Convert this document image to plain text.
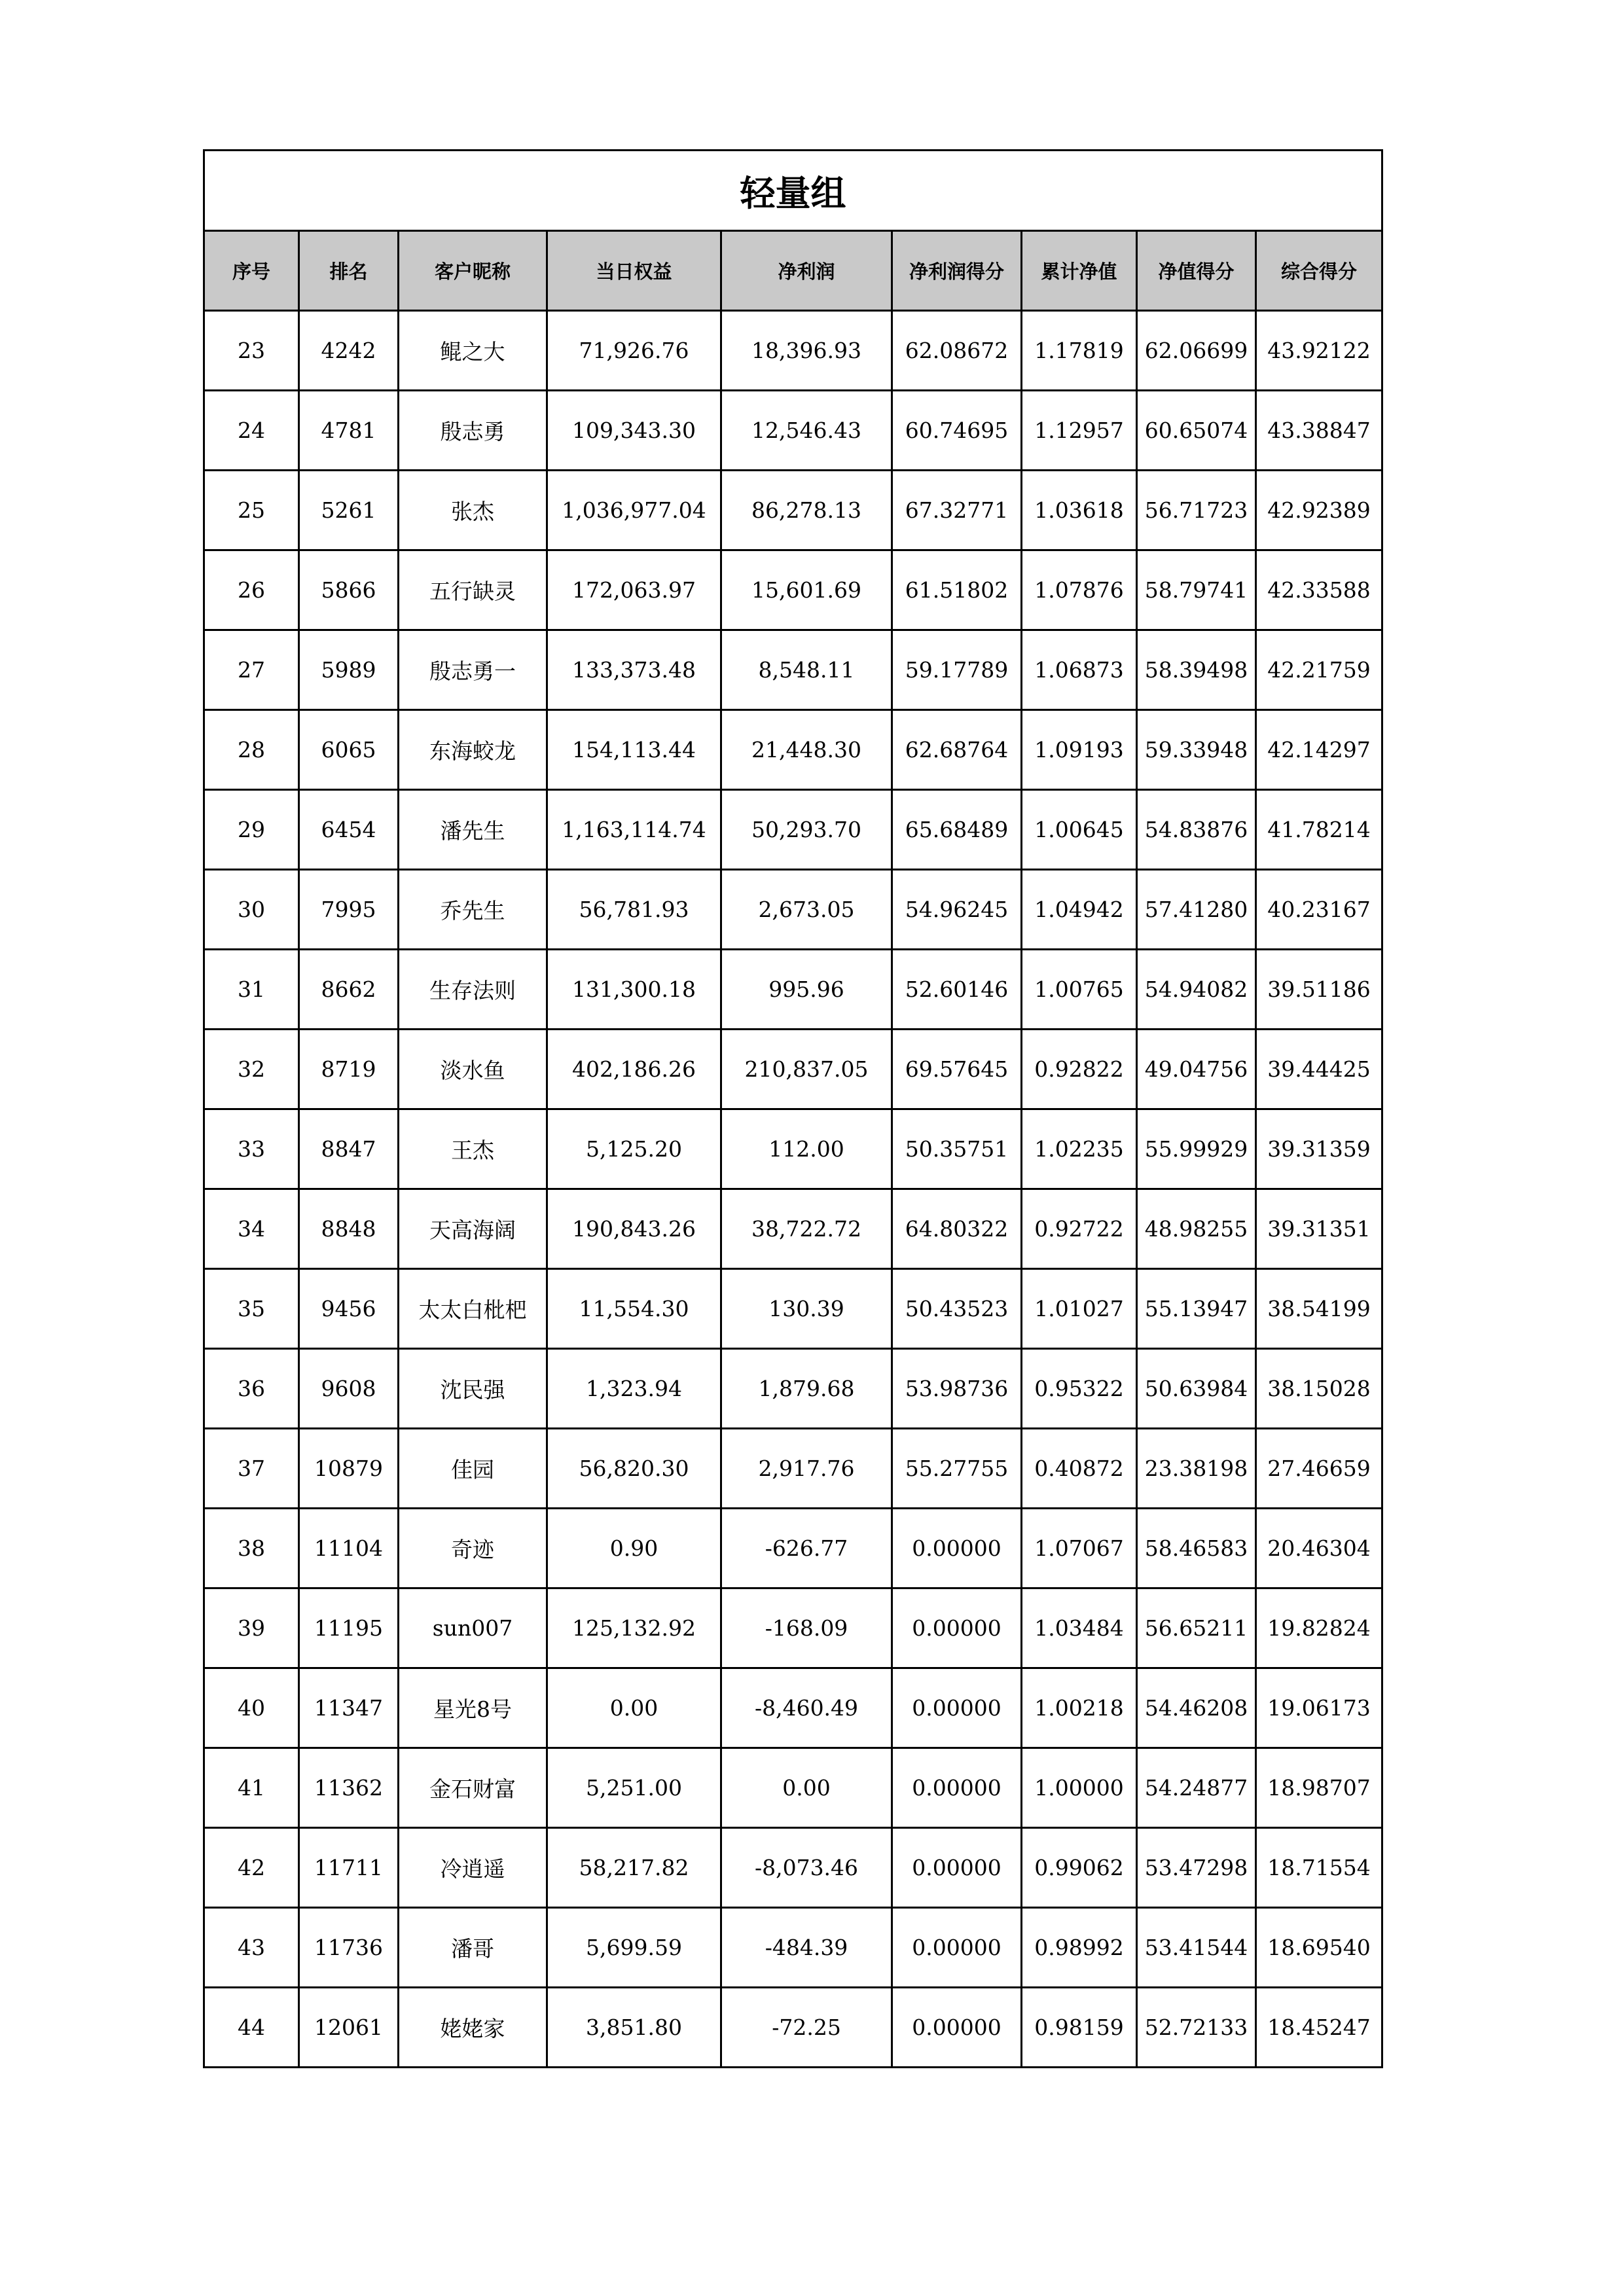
轻量组								
序号	排名	客户昵称	当日权益	净利润	净利润得分	累计净值	净值得分	综合得分
23	4242	鲲之大	71,926.76	18,396.93	62.08672	1.17819	62.06699	43.92122
24	4781	殷志勇	109,343.30	12,546.43	60.74695	1.12957	60.65074	43.38847
25	5261	张杰	1,036,977.04	86,278.13	67.32771	1.03618	56.71723	42.92389
26	5866	五行缺灵	172,063.97	15,601.69	61.51802	1.07876	58.79741	42.33588
27	5989	殷志勇一	133,373.48	8,548.11	59.17789	1.06873	58.39498	42.21759
28	6065	东海蛟龙	154,113.44	21,448.30	62.68764	1.09193	59.33948	42.14297
29	6454	潘先生	1,163,114.74	50,293.70	65.68489	1.00645	54.83876	41.78214
30	7995	乔先生	56,781.93	2,673.05	54.96245	1.04942	57.41280	40.23167
31	8662	生存法则	131,300.18	995.96	52.60146	1.00765	54.94082	39.51186
32	8719	淡水鱼	402,186.26	210,837.05	69.57645	0.92822	49.04756	39.44425
33	8847	王杰	5,125.20	112.00	50.35751	1.02235	55.99929	39.31359
34	8848	天高海阔	190,843.26	38,722.72	64.80322	0.92722	48.98255	39.31351
35	9456	太太白枇杷	11,554.30	130.39	50.43523	1.01027	55.13947	38.54199
36	9608	沈民强	1,323.94	1,879.68	53.98736	0.95322	50.63984	38.15028
37	10879	佳园	56,820.30	2,917.76	55.27755	0.40872	23.38198	27.46659
38	11104	奇迹	0.90	-626.77	0.00000	1.07067	58.46583	20.46304
39	11195	sun007	125,132.92	-168.09	0.00000	1.03484	56.65211	19.82824
40	11347	星光8号	0.00	-8,460.49	0.00000	1.00218	54.46208	19.06173
41	11362	金石财富	5,251.00	0.00	0.00000	1.00000	54.24877	18.98707
42	11711	冷逍遥	58,217.82	-8,073.46	0.00000	0.99062	53.47298	18.71554
43	11736	潘哥	5,699.59	-484.39	0.00000	0.98992	53.41544	18.69540
44	12061	姥姥家	3,851.80	-72.25	0.00000	0.98159	52.72133	18.45247
